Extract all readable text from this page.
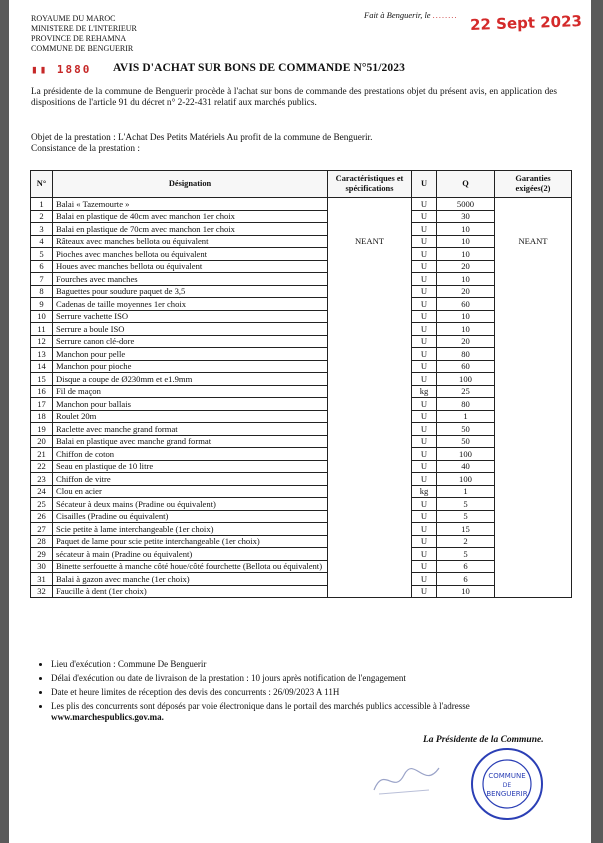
ROYAUME DU MAROC
MINISTERE DE L'INTERIEUR
PROVINCE DE REHAMNA
COMMUNE DE BENGUERIR
Fait à Benguerir, le ........ 22 Sept 2023
▮▮ 1880 AVIS D'ACHAT SUR BONS DE COMMANDE N°51/2023
La présidente de la commune de Benguerir procède à l'achat sur bons de commande des prestations objet du présent avis, en application des dispositions de l'article 91 du décret n° 2-22-431 relatif aux marchés publics.
Objet de la prestation : L'Achat Des Petits Matériels Au profit de la commune de Benguerir.
Consistance de la prestation :
N°	Désignation	Caractéristiques et spécifications	U	Q	Garanties exigées(2)
1	Balai « Tazemourte »	NEANT	U	5000	NEANT
2	Balai en plastique de 40cm avec manchon 1er choix		U	30	
3	Balai en plastique de 70cm avec manchon 1er choix		U	10	
4	Râteaux avec manches bellota ou équivalent		U	10	
5	Pioches avec manches bellota ou équivalent		U	10	
6	Houes avec manches bellota ou équivalent		U	20	
7	Fourches avec manches		U	10	
8	Baguettes pour soudure paquet de 3,5		U	20	
9	Cadenas de taille moyennes 1er choix		U	60	
10	Serrure vachette ISO		U	10	
11	Serrure a boule ISO		U	10	
12	Serrure canon clé-dore		U	20	
13	Manchon pour pelle		U	80	
14	Manchon pour pioche		U	60	
15	Disque a coupe de Ø230mm et e1.9mm		U	100	
16	Fil de maçon		kg	25	
17	Manchon pour ballais		U	80	
18	Roulet 20m		U	1	
19	Raclette avec manche grand format		U	50	
20	Balai en plastique avec manche grand format		U	50	
21	Chiffon de coton		U	100	
22	Seau en plastique de 10 litre		U	40	
23	Chiffon de vitre		U	100	
24	Clou en acier		kg	1	
25	Sécateur à deux mains (Pradine ou équivalent)		U	5	
26	Cisailles (Pradine ou équivalent)		U	5	
27	Scie petite à lame interchangeable (1er choix)		U	15	
28	Paquet de lame pour scie petite interchangeable (1er choix)		U	2	
29	sécateur à main (Pradine ou équivalent)		U	5	
30	Binette serfouette à manche côté houe/côté fourchette (Bellota ou équivalent)		U	6	
31	Balai à gazon avec manche (1er choix)		U	6	
32	Faucille à dent (1er choix)		U	10	
• Lieu d'exécution : Commune De Benguerir
• Délai d'exécution ou date de livraison de la prestation : 10 jours après notification de l'engagement
• Date et heure limites de réception des devis des concurrents : 26/09/2023 A 11H
• Les plis des concurrents sont déposés par voie électronique dans le portail des marchés publics accessible à l'adresse www.marchespublics.gov.ma.
La Présidente de la Commune.
COMMUNE
DE
BENGUERIR
